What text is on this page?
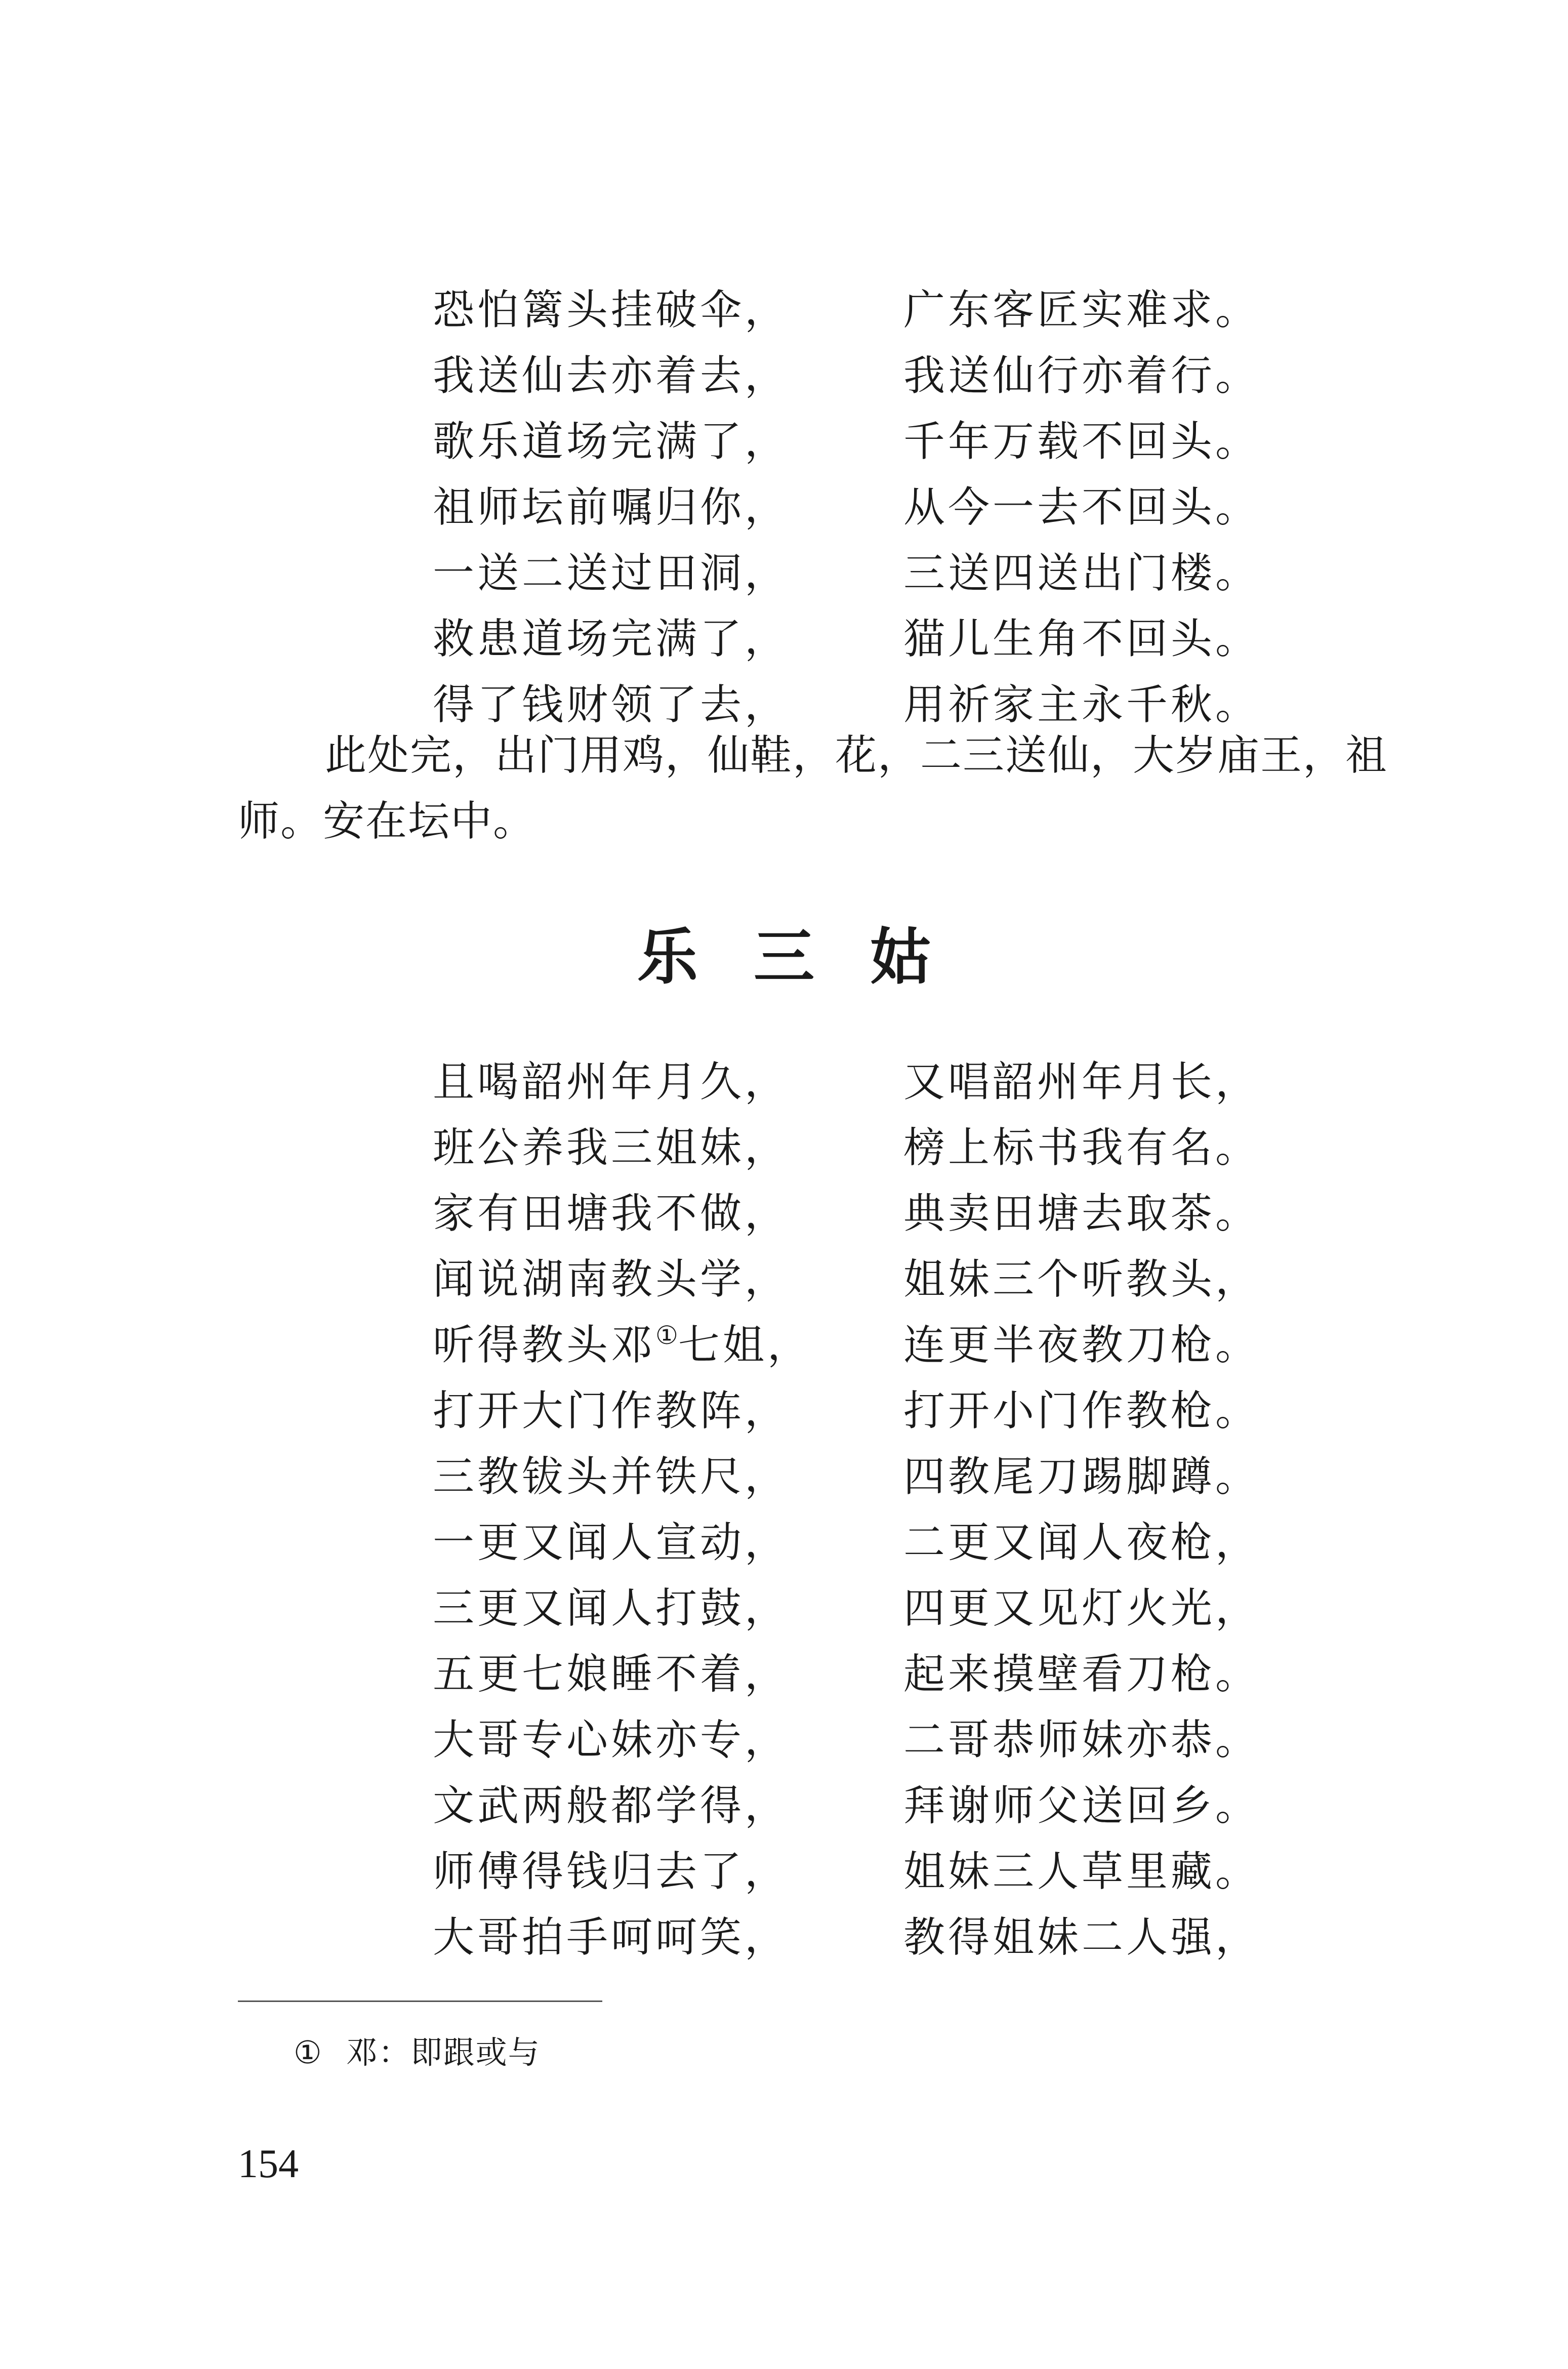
恐怕篱头挂破伞，	广东客匠实难求。
我送仙去亦着去，	我送仙行亦着行。
歌乐道场完满了，	千年万载不回头。
祖师坛前嘱归你，	从今一去不回头。
一送二送过田洞，	三送四送出门楼。
救患道场完满了，	猫儿生角不回头。
得了钱财领了去，	用祈家主永千秋。

此处完，出门用鸡，仙鞋，花，二三送仙，大岁庙王，祖师。安在坛中。

乐三姑
且喝韶州年月久，	又唱韶州年月长，
班公养我三姐妹，	榜上标书我有名。
家有田塘我不做，	典卖田塘去取茶。
闻说湖南教头学，	姐妹三个听教头，
听得教头邓①七姐，	连更半夜教刀枪。
打开大门作教阵，	打开小门作教枪。
三教钹头并铁尺，	四教尾刀踢脚蹲。
一更又闻人宣动，	二更又闻人夜枪，
三更又闻人打鼓，	四更又见灯火光，
五更七娘睡不着，	起来摸壁看刀枪。
大哥专心妹亦专，	二哥恭师妹亦恭。
文武两般都学得，	拜谢师父送回乡。
师傅得钱归去了，	姐妹三人草里藏。
大哥拍手呵呵笑，	教得姐妹二人强，
① 邓：即跟或与
154
